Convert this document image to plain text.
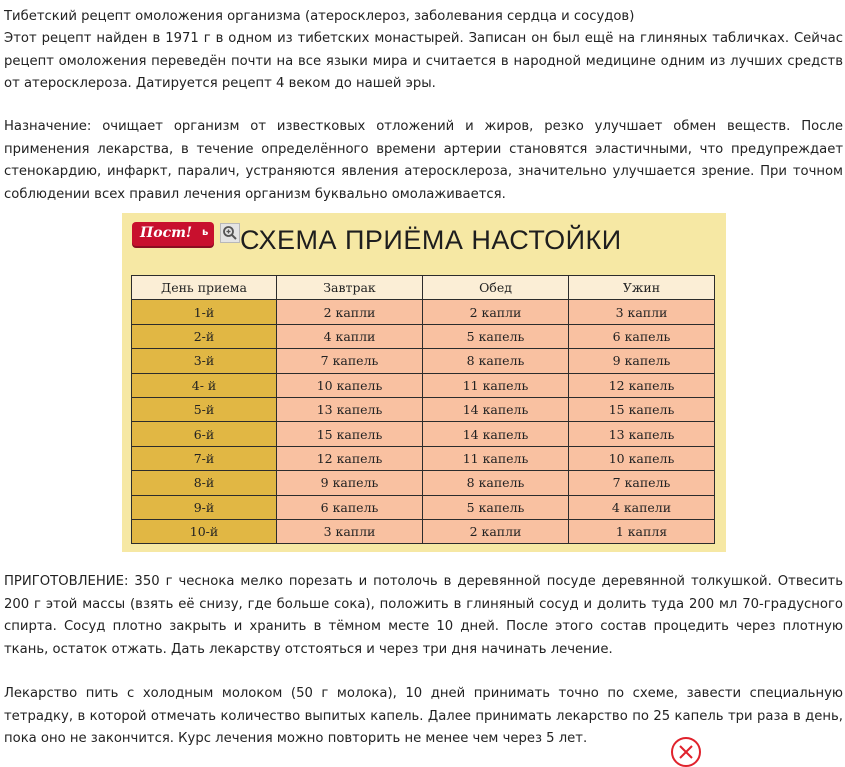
Тибетский рецепт омоложения организма (атеросклероз, заболевания сердца и сосудов)

Этот рецепт найден в 1971 г в одном из тибетских монастырей. Записан он был ещё на глиняных табличках. Сейчас рецепт омоложения переведён почти на все языки мира и считается в народной медицине одним из лучших средств от атеросклероза. Датируется рецепт 4 веком до нашей эры.

Назначение: очищает организм от известковых отложений и жиров, резко улучшает обмен веществ. После применения лекарства, в течение определённого времени артерии становятся эластичными, что предупреждает стенокардию, инфаркт, паралич, устраняются явления атеросклероза, значительно улучшается зрение. При точном соблюдении всех правил лечения организм буквально омолаживается.

Пост! ь СХЕМА ПРИЁМА НАСТОЙКИ
День приема	Завтрак	Обед	Ужин
1-й	2 капли	2 капли	3 капли
2-й	4 капли	5 капель	6 капель
3-й	7 капель	8 капель	9 капель
4- й	10 капель	11 капель	12 капель
5-й	13 капель	14 капель	15 капель
6-й	15 капель	14 капель	13 капель
7-й	12 капель	11 капель	10 капель
8-й	9 капель	8 капель	7 капель
9-й	6 капель	5 капель	4 капели
10-й	3 капли	2 капли	1 капля

ПРИГОТОВЛЕНИЕ: 350 г чеснока мелко порезать и потолочь в деревянной посуде деревянной толкушкой. Отвесить 200 г этой массы (взять её снизу, где больше сока), положить в глиняный сосуд и долить туда 200 мл 70-градусного спирта. Сосуд плотно закрыть и хранить в тёмном месте 10 дней. После этого состав процедить через плотную ткань, остаток отжать. Дать лекарству отстояться и через три дня начинать лечение.

Лекарство пить с холодным молоком (50 г молока), 10 дней принимать точно по схеме, завести специальную тетрадку, в которой отмечать количество выпитых капель. Далее принимать лекарство по 25 капель три раза в день, пока оно не закончится. Курс лечения можно повторить не менее чем через 5 лет.
